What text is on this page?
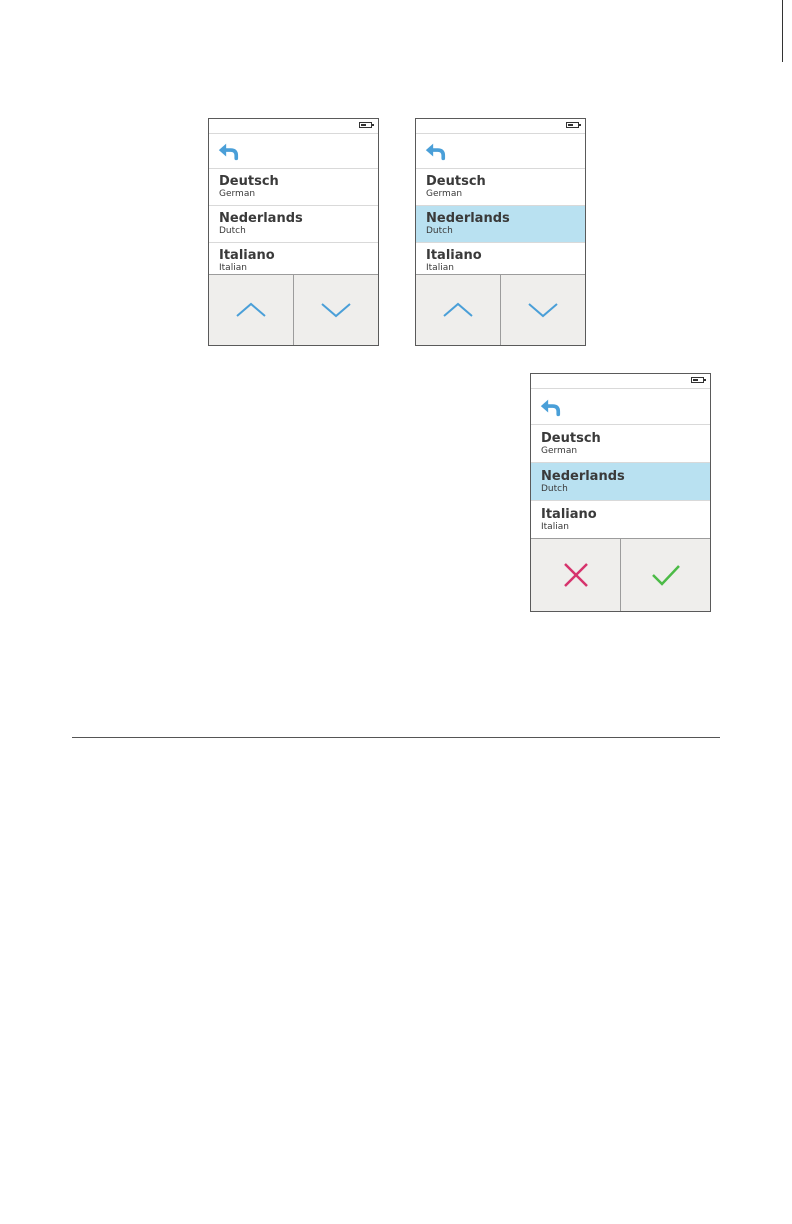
Deutsch
German
Nederlands
Dutch
Italiano
Italian
Deutsch
German
Nederlands
Dutch
Italiano
Italian
Deutsch
German
Nederlands
Dutch
Italiano
Italian
